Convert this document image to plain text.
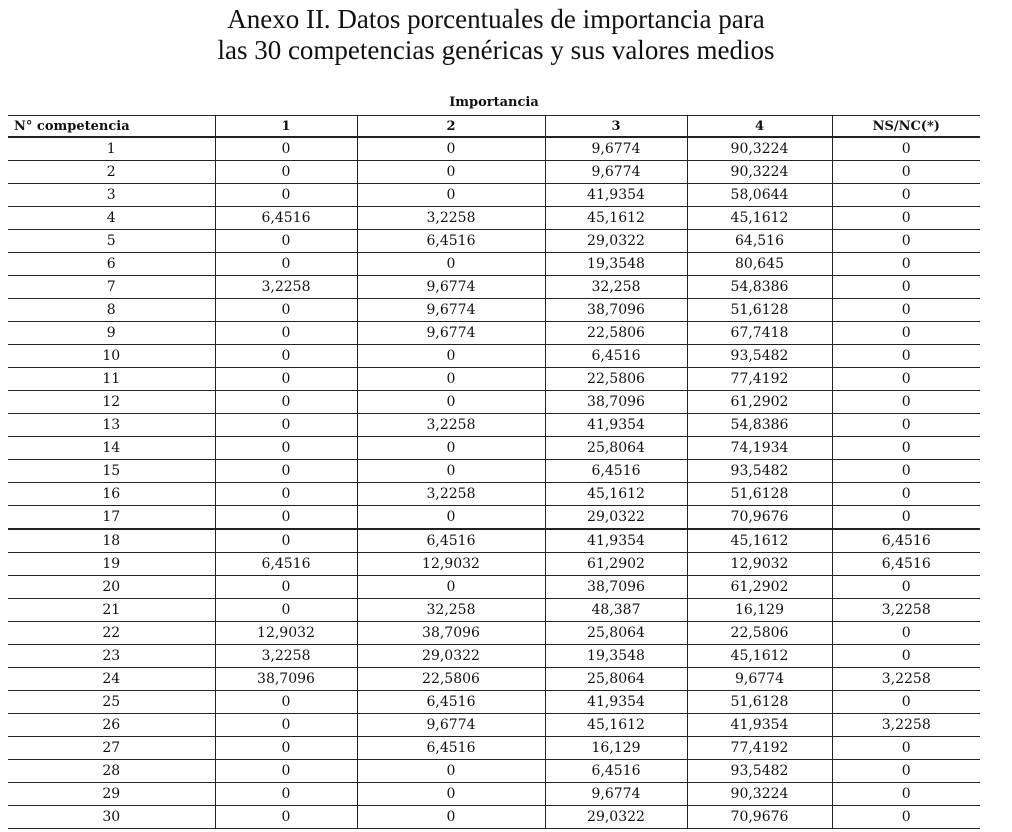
Anexo II. Datos porcentuales de importancia para
las 30 competencias genéricas y sus valores medios
Importancia
N° competencia	1	2	3	4	NS/NC(*)
1	0	0	9,6774	90,3224	0
2	0	0	9,6774	90,3224	0
3	0	0	41,9354	58,0644	0
4	6,4516	3,2258	45,1612	45,1612	0
5	0	6,4516	29,0322	64,516	0
6	0	0	19,3548	80,645	0
7	3,2258	9,6774	32,258	54,8386	0
8	0	9,6774	38,7096	51,6128	0
9	0	9,6774	22,5806	67,7418	0
10	0	0	6,4516	93,5482	0
11	0	0	22,5806	77,4192	0
12	0	0	38,7096	61,2902	0
13	0	3,2258	41,9354	54,8386	0
14	0	0	25,8064	74,1934	0
15	0	0	6,4516	93,5482	0
16	0	3,2258	45,1612	51,6128	0
17	0	0	29,0322	70,9676	0
18	0	6,4516	41,9354	45,1612	6,4516
19	6,4516	12,9032	61,2902	12,9032	6,4516
20	0	0	38,7096	61,2902	0
21	0	32,258	48,387	16,129	3,2258
22	12,9032	38,7096	25,8064	22,5806	0
23	3,2258	29,0322	19,3548	45,1612	0
24	38,7096	22,5806	25,8064	9,6774	3,2258
25	0	6,4516	41,9354	51,6128	0
26	0	9,6774	45,1612	41,9354	3,2258
27	0	6,4516	16,129	77,4192	0
28	0	0	6,4516	93,5482	0
29	0	0	9,6774	90,3224	0
30	0	0	29,0322	70,9676	0
